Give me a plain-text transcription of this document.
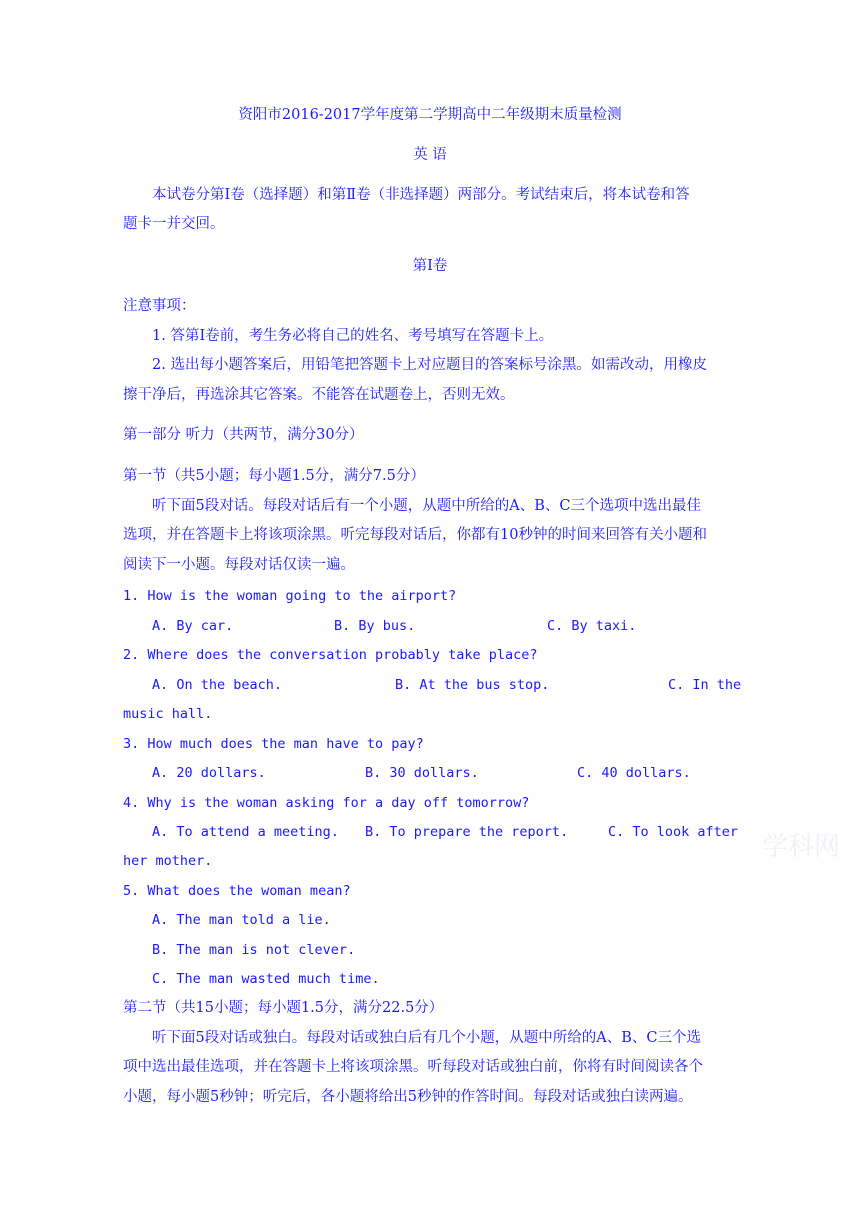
资阳市2016-2017学年度第二学期高中二年级期末质量检测
英 语
本试卷分第Ⅰ卷（选择题）和第Ⅱ卷（非选择题）两部分。考试结束后，将本试卷和答
题卡一并交回。
第Ⅰ卷
注意事项：
1. 答第Ⅰ卷前，考生务必将自己的姓名、考号填写在答题卡上。
2. 选出每小题答案后，用铅笔把答题卡上对应题目的答案标号涂黑。如需改动，用橡皮
擦干净后，再选涂其它答案。不能答在试题卷上，否则无效。
第一部分 听力（共两节，满分30分）
第一节（共5小题；每小题1.5分，满分7.5分）
听下面5段对话。每段对话后有一个小题，从题中所给的A、B、C三个选项中选出最佳
选项，并在答题卡上将该项涂黑。听完每段对话后，你都有10秒钟的时间来回答有关小题和
阅读下一小题。每段对话仅读一遍。
1. How is the woman going to the airport?
A. By car.	B. By bus.	C. By taxi.
2. Where does the conversation probably take place?
A. On the beach.	B. At the bus stop.	C. In the
music hall.
3. How much does the man have to pay?
A. 20 dollars.	B. 30 dollars.	C. 40 dollars.
4. Why is the woman asking for a day off tomorrow?
A. To attend a meeting. B. To prepare the report.	C. To look after
her mother.
5. What does the woman mean?
A. The man told a lie.
B. The man is not clever.
C. The man wasted much time.
第二节（共15小题；每小题1.5分，满分22.5分）
听下面5段对话或独白。每段对话或独白后有几个小题，从题中所给的A、B、C三个选
项中选出最佳选项，并在答题卡上将该项涂黑。听每段对话或独白前，你将有时间阅读各个
小题，每小题5秒钟；听完后，各小题将给出5秒钟的作答时间。每段对话或独白读两遍。
学科网
